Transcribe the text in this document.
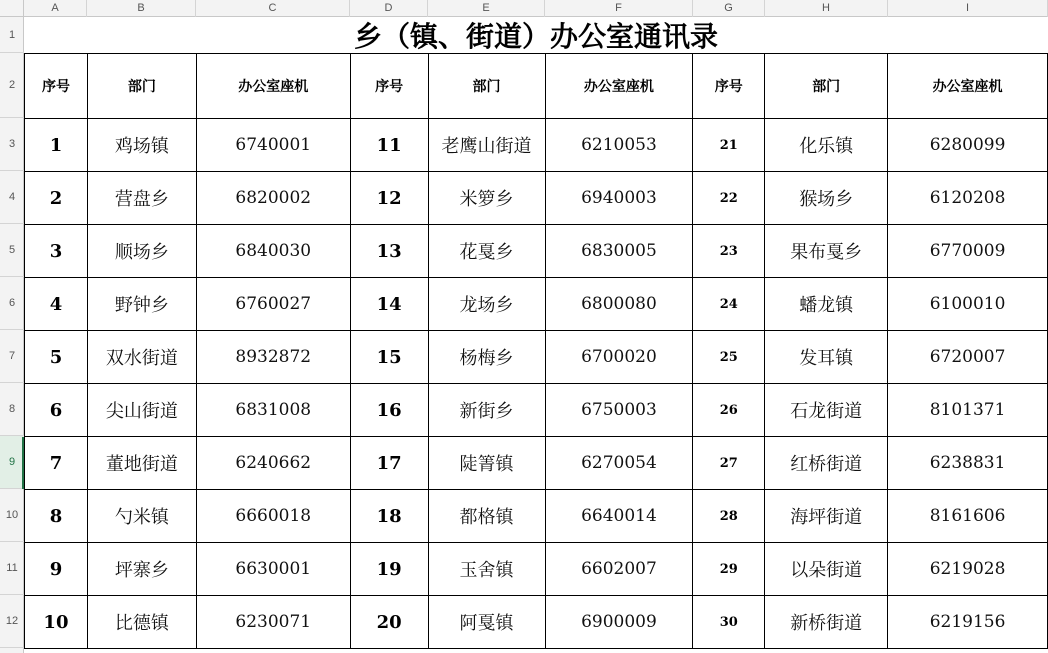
A	B	C	D	E	F	G	H	I
1
2
3
4
5
6
7
8
9
10
11
12
乡（镇、街道）办公室通讯录
序号	部门	办公室座机	序号	部门	办公室座机	序号	部门	办公室座机
1	鸡场镇	6740001	11	老鹰山街道	6210053	21	化乐镇	6280099
2	营盘乡	6820002	12	米箩乡	6940003	22	猴场乡	6120208
3	顺场乡	6840030	13	花戛乡	6830005	23	果布戛乡	6770009
4	野钟乡	6760027	14	龙场乡	6800080	24	蟠龙镇	6100010
5	双水街道	8932872	15	杨梅乡	6700020	25	发耳镇	6720007
6	尖山街道	6831008	16	新街乡	6750003	26	石龙街道	8101371
7	董地街道	6240662	17	陡箐镇	6270054	27	红桥街道	6238831
8	勺米镇	6660018	18	都格镇	6640014	28	海坪街道	8161606
9	坪寨乡	6630001	19	玉舍镇	6602007	29	以朵街道	6219028
10	比德镇	6230071	20	阿戛镇	6900009	30	新桥街道	6219156
